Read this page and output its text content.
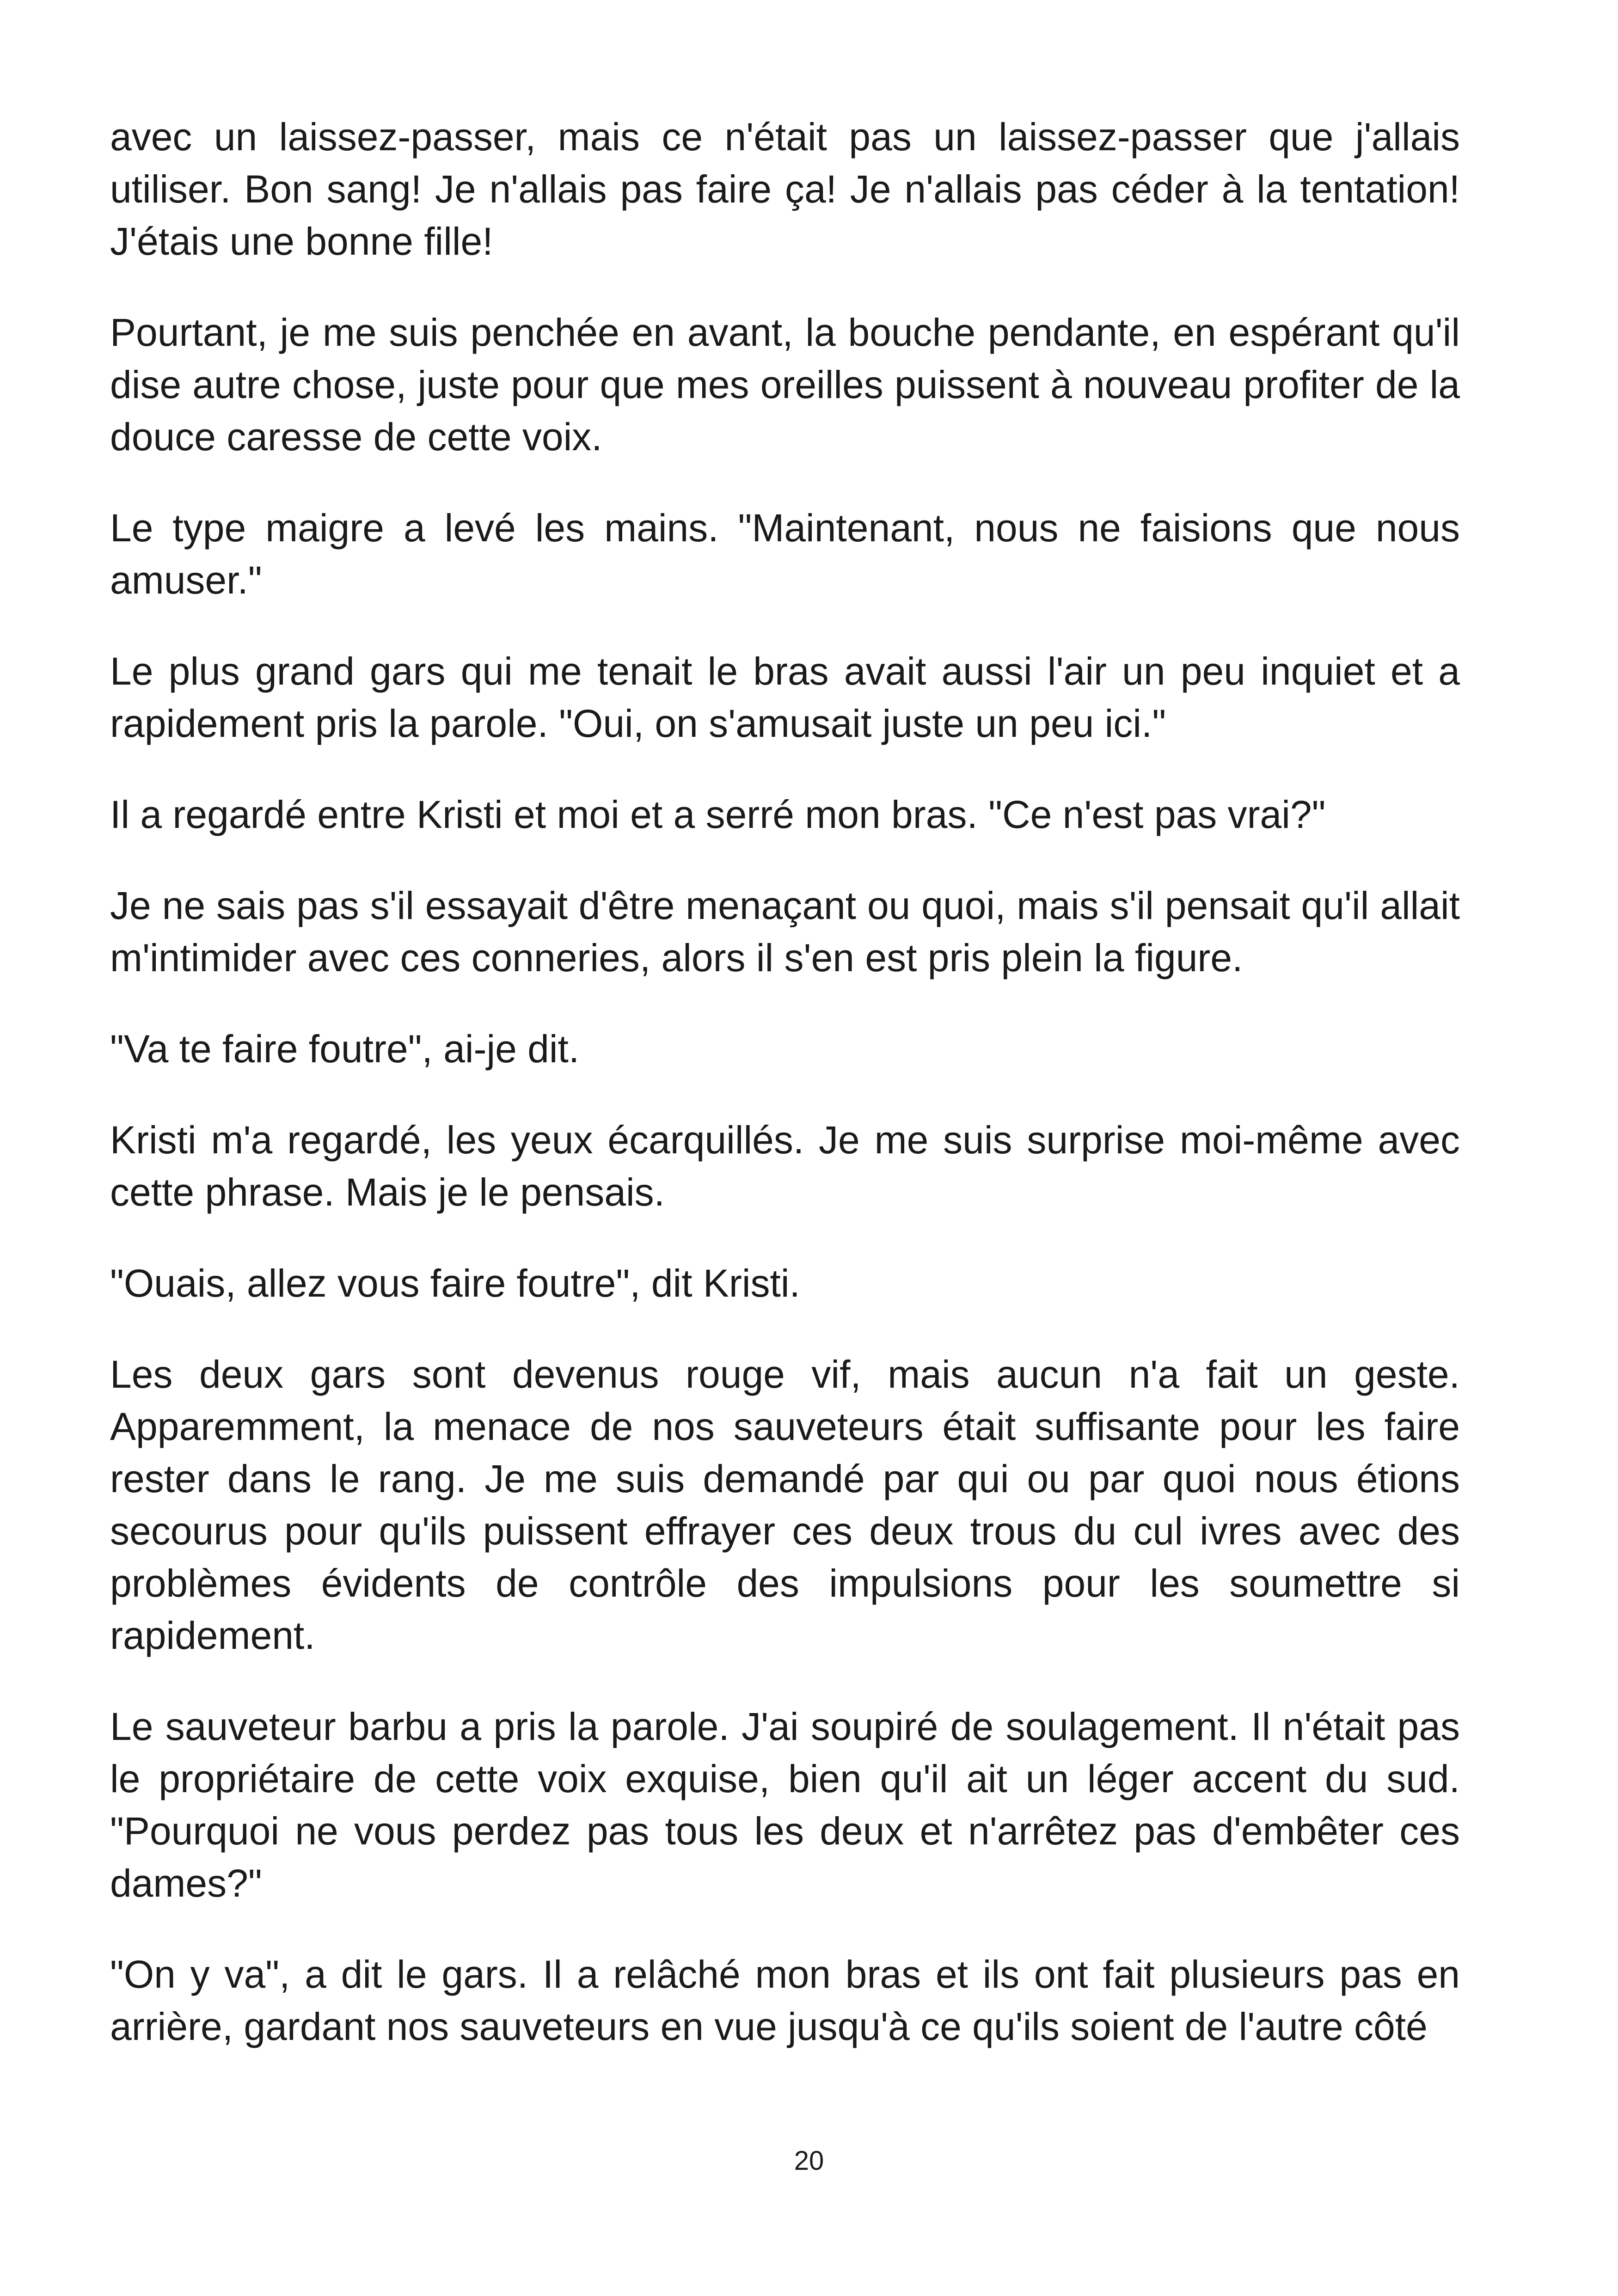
avec un laissez-passer, mais ce n'était pas un laissez-passer que j'allais utiliser. Bon sang! Je n'allais pas faire ça! Je n'allais pas céder à la tentation! J'étais une bonne fille!

Pourtant, je me suis penchée en avant, la bouche pendante, en espérant qu'il dise autre chose, juste pour que mes oreilles puissent à nouveau profiter de la douce caresse de cette voix.

Le type maigre a levé les mains. "Maintenant, nous ne faisions que nous amuser."

Le plus grand gars qui me tenait le bras avait aussi l'air un peu inquiet et a rapidement pris la parole. "Oui, on s'amusait juste un peu ici."

Il a regardé entre Kristi et moi et a serré mon bras. "Ce n'est pas vrai?"

Je ne sais pas s'il essayait d'être menaçant ou quoi, mais s'il pensait qu'il allait m'intimider avec ces conneries, alors il s'en est pris plein la figure.

"Va te faire foutre", ai-je dit.

Kristi m'a regardé, les yeux écarquillés. Je me suis surprise moi-même avec cette phrase. Mais je le pensais.

"Ouais, allez vous faire foutre", dit Kristi.

Les deux gars sont devenus rouge vif, mais aucun n'a fait un geste. Apparemment, la menace de nos sauveteurs était suffisante pour les faire rester dans le rang. Je me suis demandé par qui ou par quoi nous étions secourus pour qu'ils puissent effrayer ces deux trous du cul ivres avec des problèmes évidents de contrôle des impulsions pour les soumettre si rapidement.

Le sauveteur barbu a pris la parole. J'ai soupiré de soulagement. Il n'était pas le propriétaire de cette voix exquise, bien qu'il ait un léger accent du sud. "Pourquoi ne vous perdez pas tous les deux et n'arrêtez pas d'embêter ces dames?"

"On y va", a dit le gars. Il a relâché mon bras et ils ont fait plusieurs pas en arrière, gardant nos sauveteurs en vue jusqu'à ce qu'ils soient de l'autre côté

20
